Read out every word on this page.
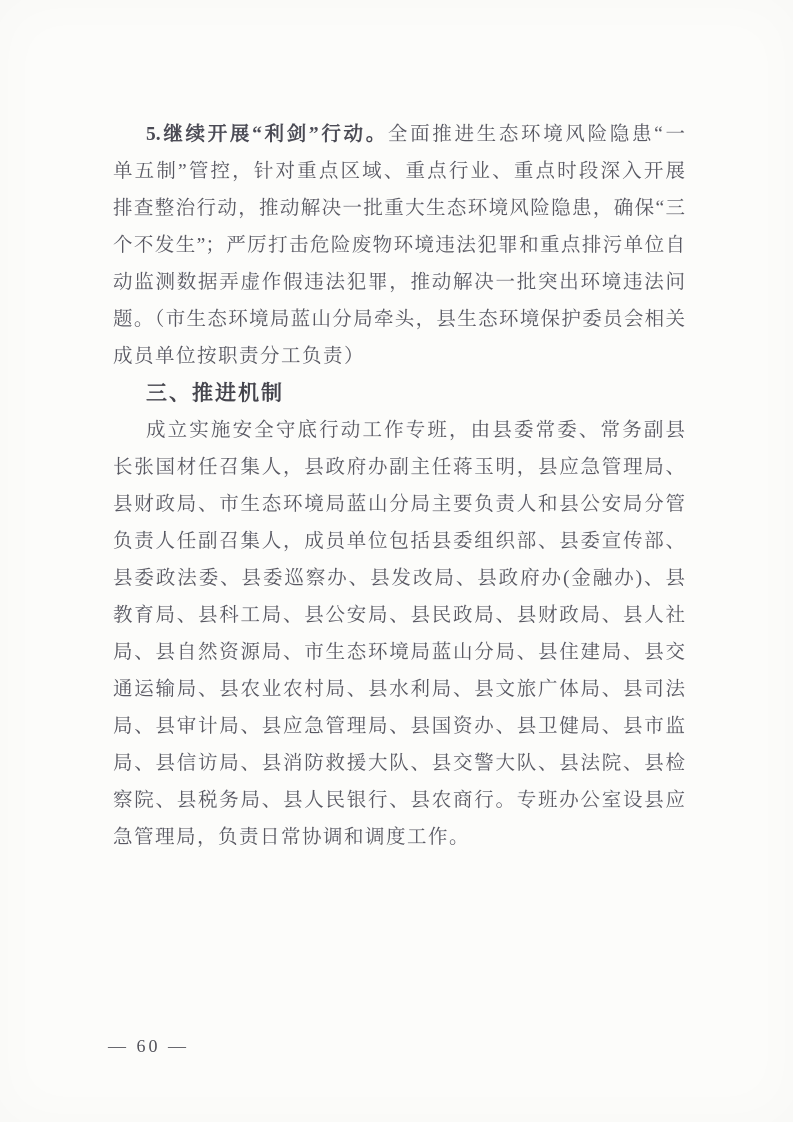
5.继续开展“利剑”行动。全面推进生态环境风险隐患“一
单五制”管控，针对重点区域、重点行业、重点时段深入开展
排查整治行动，推动解决一批重大生态环境风险隐患，确保“三
个不发生”；严厉打击危险废物环境违法犯罪和重点排污单位自
动监测数据弄虚作假违法犯罪，推动解决一批突出环境违法问
题。（市生态环境局蓝山分局牵头，县生态环境保护委员会相关
成员单位按职责分工负责）
三、推进机制
成立实施安全守底行动工作专班，由县委常委、常务副县
长张国材任召集人，县政府办副主任蒋玉明，县应急管理局、
县财政局、市生态环境局蓝山分局主要负责人和县公安局分管
负责人任副召集人，成员单位包括县委组织部、县委宣传部、
县委政法委、县委巡察办、县发改局、县政府办(金融办)、县
教育局、县科工局、县公安局、县民政局、县财政局、县人社
局、县自然资源局、市生态环境局蓝山分局、县住建局、县交
通运输局、县农业农村局、县水利局、县文旅广体局、县司法
局、县审计局、县应急管理局、县国资办、县卫健局、县市监
局、县信访局、县消防救援大队、县交警大队、县法院、县检
察院、县税务局、县人民银行、县农商行。专班办公室设县应
急管理局，负责日常协调和调度工作。
— 60 —
